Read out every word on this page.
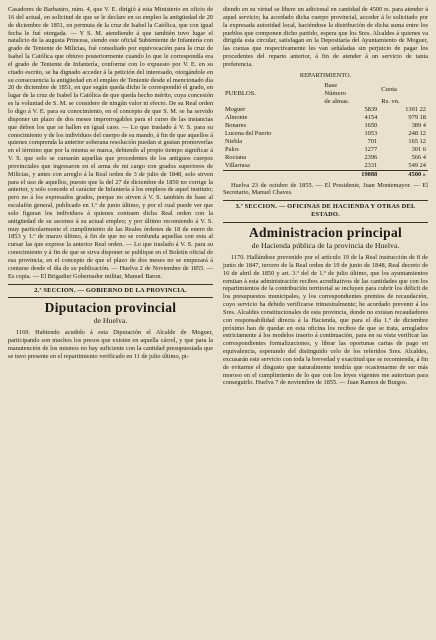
Casadores de Barbastro, núm. 4, que V. E. dirigió á esta Ministerio en oficio de 16 del actual, en solicitud de que se le declare en su empleo la antigüedad de 20 de diciembre de 1851, en permuta de la cruz de Isabel la Católica, que con igual fecha le fué otorgada. — Y S. M. atendiendo á que también tuvo lugar el natalicio de la augusta Princesa, siendo este oficial Subteniente de Infantería con grado de Teniente de Milicias, fué consultado por equivocación para la cruz de Isabel la Católica que obtuvo posteriormente cuando lo que le correspondía era el grado de Teniente de Infantería, conforme con lo expuesto por V. E. en su citado escrito, se ha dignado acceder á la petición del interesado, otorgándole en su consecuencia la antigüedad en el empleo de Teniente desde el mencionado día 20 de diciembre de 1851, en que según queda dicho le correspondió el grado, en lugar de la cruz de Isabel la Católica de que queda hecho mérito, cuya concesión es la voluntad de S. M. se considere de ningún valor ni efecto. De su Real orden lo digo á V. E. para su conocimiento, en el concepto de que S. M. se ha servido disponer un plazo de dos meses improrrogables para el curso de las instancias que deben los que se hallen en igual caso. — Lo que traslado á V. S. para su conocimiento y de los individuos del cuerpo de su mando, á fin de que aquellos á quienes comprenda la anterior soberana resolución puedan si gustan promoverlas en el término que por la misma se marca, debiendo al propio tiempo significar á V. S. que solo se cursarán aquellas que procedentes de los antiguos cuerpos provinciales que ingresaron en el arma de mi cargo con grados superiores de Milicias, y antes con arreglo á la Real orden de 3 de julio de 1848, solo sirven para el uso de aquellos, puesto que la del 27 de diciembre de 1850 no corrige la anterior, y solo concede el carácter de Infantería á los empleos de aquel instituto; pero no á los expresados grados, porque no sirven á V. S. también de base al escalafón general, publicado en 1.º de junio último, y por el cual puede ver que solo figuran los individuos á quienes contraen dicha Real orden con la antigüedad de su ascenso á su actual empleo; y por último recomiendo á V. S. muy particularmente el cumplimiento de las Reales órdenes de 18 de enero de 1853 y 1.º de marzo último, á fin de que no se confunda aquellas con esta al cursar las que exprese la anterior Real orden. — Lo que traslado á V. S. para su conocimiento y á fin de que se sirva disponer se publique en el Boletín oficial de esa provincia, en el concepto de que el plazo de dos meses no se empezará á contarse desde el día de su publicación. — Huelva 2 de Noviembre de 1855. — Es copia. — El Brigadier Gobernador militar, Manuel Baron.

2.ª SECCION. — GOBIERNO DE LA PROVINCIA.
Diputacion provincial
de Huelva.

1169. Habiendo acudido á esta Diputación el Alcalde de Moguer, participando son muchos los presos que existen en aquella cárcel, y que para la manutención de los mismos no hay suficiente con la cantidad presupuestada que se tuvo presente en el repartimiento verificado en 11 de julio último, pi-

diendo en su virtud se libere un adicional en cantidad de 4500 rs. para atender á aquel servicio; ha acordado dicha cuerpo provincial, acceder á lo solicitado por la expresada autoridad local, haciéndose la distribución de dicha suma entre los pueblos que componen dicho partido, espera que los Sres. Alcaldes á quienes va dirigida esta circular, satisfagan en la Depositaría del Ayuntamiento de Moguer, las cuotas que respectivamente les van señaladas sin perjuicio de pagar los procedentes del reparto anterior, á fin de atender á un servicio de tanta preferencia.

REPARTIMIENTO.

PUEBLOS.	Base	Cuota
	Número	
	de almas.	Rs. vn.
Moguer	5839	1301 22
Almonte	4154	979 18
Bonares	1650	389 4
Lucena del Puerto	1053	248 12
Niebla	701	165 12
Palos	1277	301 6
Rociana	2396	566 4
Villarrasa	2331	549 24
	19088	4500 »

Huelva 23 de octubre de 1855. — El Presidente, Juan Montemayor. — El Secretario, Manuel Chaves.

3.ª SECCION. — OFICINAS DE HACIENDA Y OTRAS DEL ESTADO.
Administracion principal
de Hacienda pública de la provincia de Huelva.

1170. Hallándose prevenido por el artículo 19 de la Real instrucción de 8 de junio de 1847, tercero de la Real orden de 19 de junio de 1848, Real decreto de 16 de abril de 1850 y art. 3.º del de 1.º de julio último, que los ayuntamientos remitan á esta administración recibos acreditativos de las cantidades que con los repartimientos de la contribución territorial se incluyen para cubrir los déficit de los presupuestos municipales, y los correspondientes premios de recaudación, cuyo servicio ha debido verificarse trimestralmente; he acordado prevenir á los Sres. Alcaldes constitucionales de esta provincia, donde no existan recaudadores con responsabilidad directa á la Hacienda, que para el día 1.º de diciembre próximo han de quedar en esta oficina los recibos de que se trata, arreglados estrictamente á los modelos inserto á continuación, para en su vista verificar las correspondientes formalizaciones, y librar las oportunas cartas de pago en equivalencia, esperando del distinguido celo de los referidos Sres. Alcaldes, excusarán este servicio con toda la brevedad y exactitud que se recomienda, á fin de evitarme el disgusto que naturalmente tendría que ocasionarme de ser más moroso en el cumplimiento de lo que con los leyes vigentes me autorizan para conseguirlo. Huelva 7 de noviembre de 1855. — Juan Ramon de Burgos.
